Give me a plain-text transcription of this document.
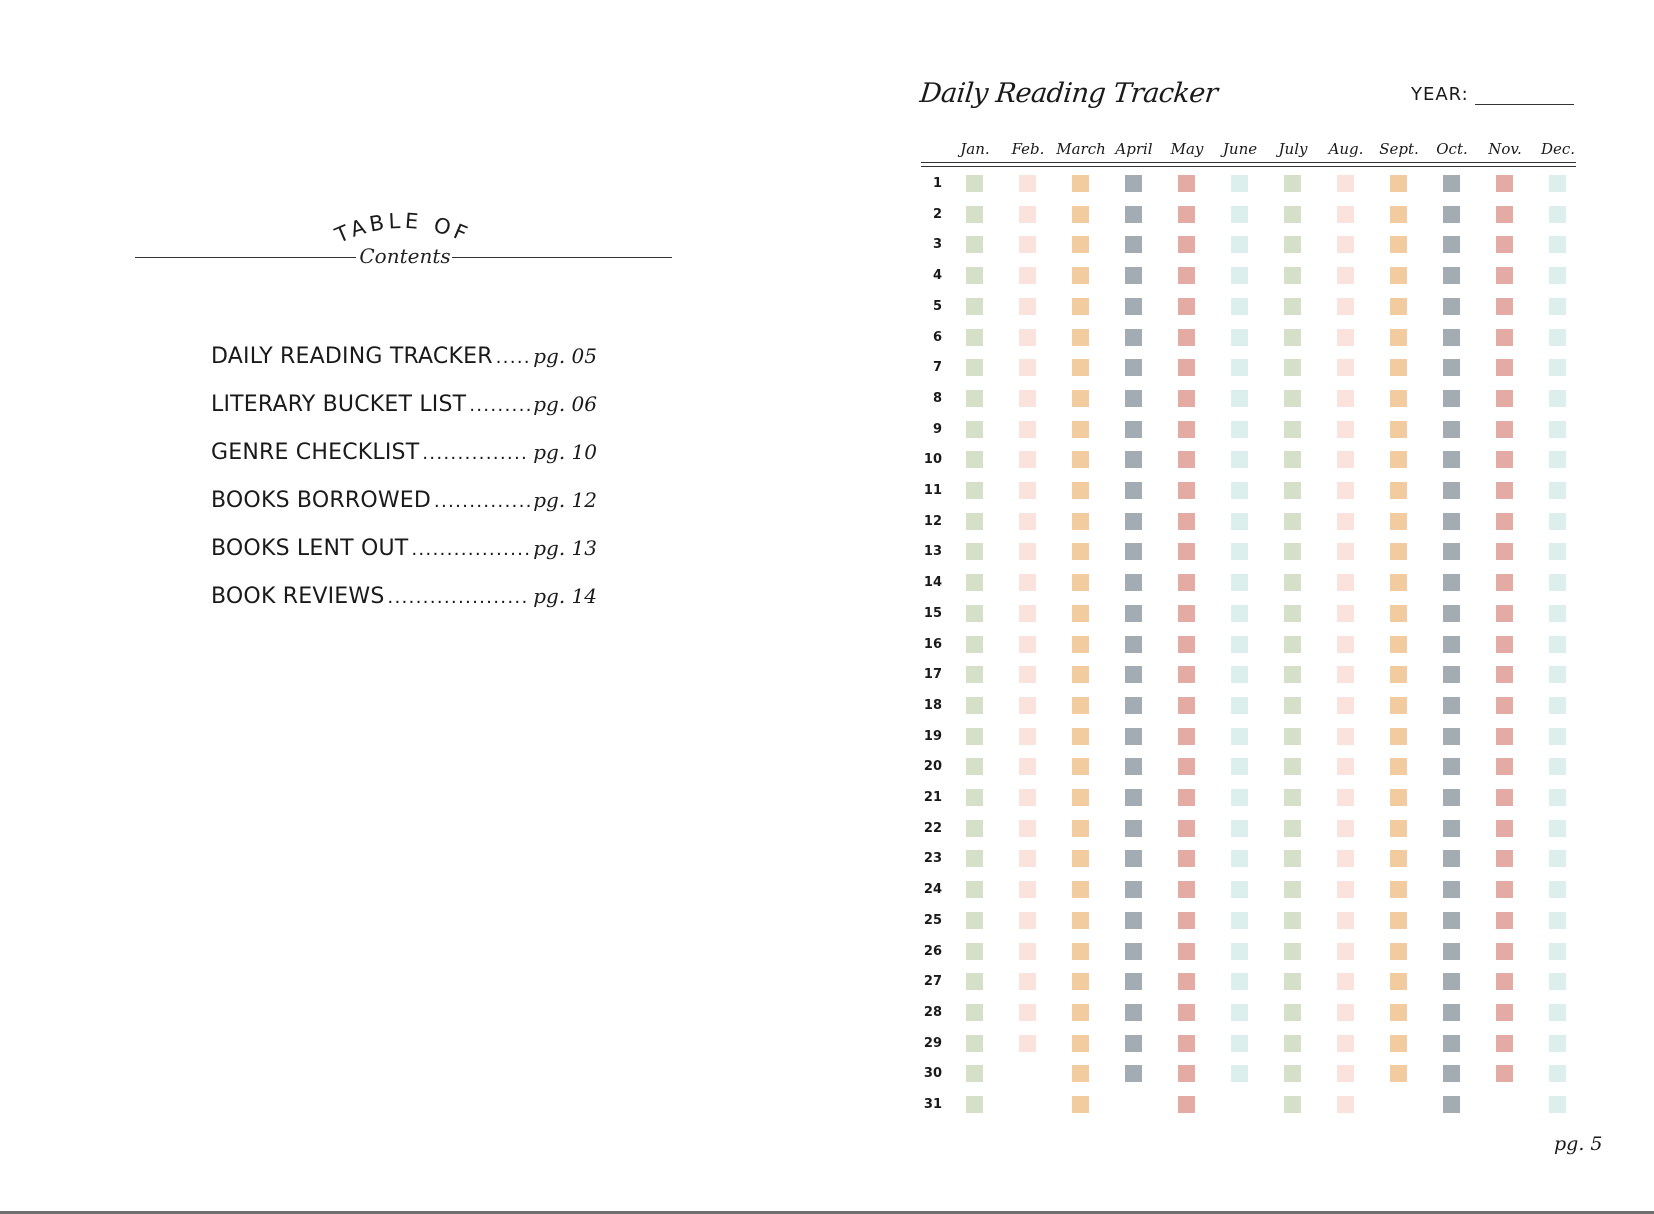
TABLE OF
Contents
DAILY READING TRACKER ..... pg. 05
LITERARY BUCKET LIST .....	pg. 06
GENRE CHECKLIST .....	pg. 10
BOOKS BORROWED .....	pg. 12
BOOKS LENT OUT .....	pg. 13
BOOK REVIEWS .....	pg. 14
Daily Reading Tracker	YEAR:
Jan.	Feb. March April	May	June	July	Aug.	Sept.	Oct.	Nov.	Dec.
1
2
3
4
5
6
7
8
9
10
11
12
13
14
15
16
17
18
19
20
21
22
23
24
25
26
27
28
29
30
31
pg. 5
